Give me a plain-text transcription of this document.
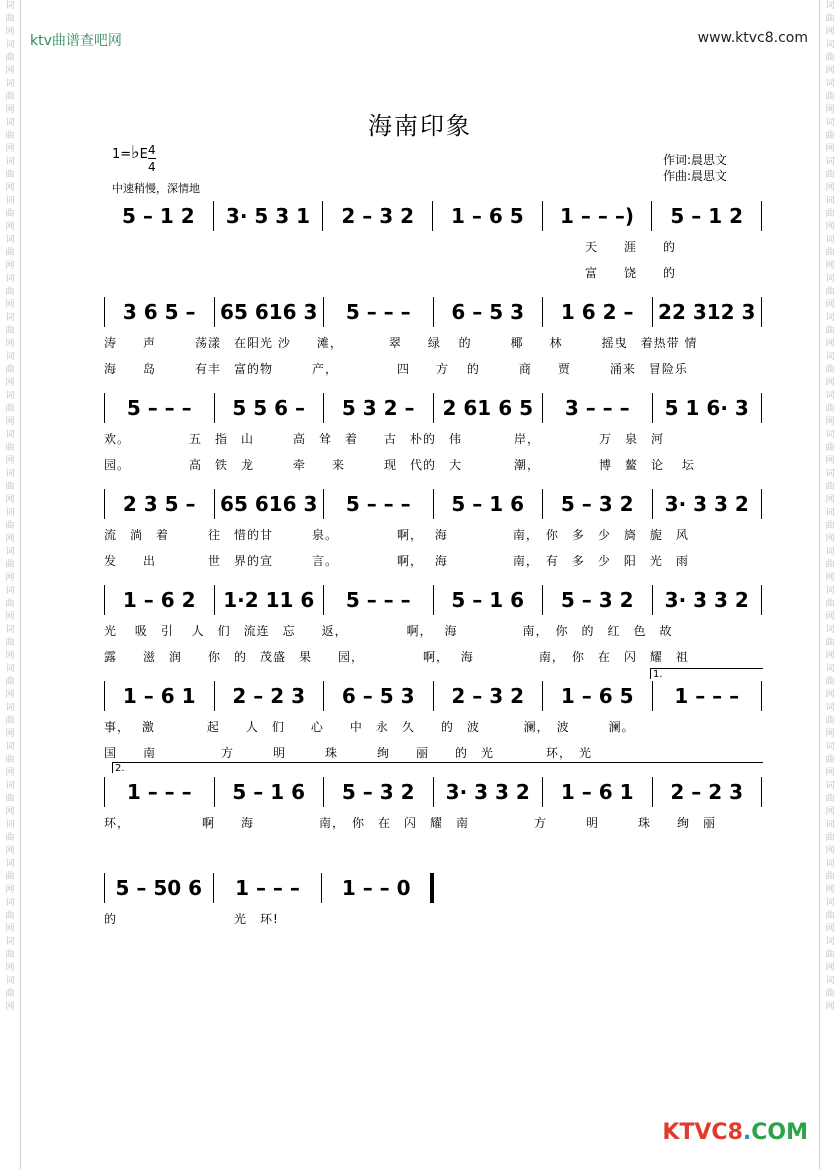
词曲网词曲网词曲网词曲网词曲网词曲网词曲网词曲网词曲网词曲网词曲网词曲网词曲网词曲网词曲网词曲网词曲网词曲网词曲网词曲网词曲网词曲网词曲网词曲网词曲网词曲网
词曲网词曲网词曲网词曲网词曲网词曲网词曲网词曲网词曲网词曲网词曲网词曲网词曲网词曲网词曲网词曲网词曲网词曲网词曲网词曲网词曲网词曲网词曲网词曲网词曲网词曲网
ktv曲谱查吧网	www.ktvc8.com
海南印象
1=♭E 4
4
中速稍慢，深情地
作词:晨思文
作曲:晨思文
5 – 1 2	3· 5 3 1	2 – 3 2	1 – 6 5	1 – – –)	5 – 1 2
　　　　　　　　　　　　　　　　　　　　　　　　　　　　　　　　　　　　　天　　涯　　的
　　　　　　　　　　　　　　　　　　　　　　　　　　　　　　　　　　　　　富　　饶　　的
3 6 5 –	65 616 3	5 – – –	6 – 5 3	1 6 2 –	22 312 3
涛　　声　　　荡漾　在阳光 沙　　滩，　　　　翠　　绿　 的　　　椰　　林　　　摇曳　着热带 情
海　　岛　　　有丰　富的物　　　产，　　　　　四　　方　 的　　　商　　贾　　　涌来　冒险乐
5 – – –	5 5 6 –	5 3 2 –	2 61 6 5	3 – – –	5 1 6· 3
欢。　　　　　五　指　山　　　高　耸　着　　古　朴的　伟　　　　岸，　　　　　万　泉　河
园。　　　　　高　铁　龙　　　牵　　来　　　现　代的　大　　　　潮，　　　　　博　鳌　论　 坛
2 3 5 –	65 616 3	5 – – –	5 – 1 6	5 – 3 2	3· 3 3 2
流　淌　着　　　往　惜的甘　　　泉。　　　　　啊，　 海　　　　　南，　你　多　少　旖　旎　风
发　　出　　　　世　界的宣　　　言。　　　　　啊，　 海　　　　　南，　有　多　少　阳　光　雨
1 – 6 2	1·2 11 6	5 – – –	5 – 1 6	5 – 3 2	3· 3 3 2
光　 吸　引　 人　们　流连　忘　　返，　　　　　啊，　 海　　　　　南，　你　的　红　色　故
露　　滋　润　　你　的　茂盛　果　　园，　　　　　啊，　 海　　　　　南，　你　在　闪　耀　祖
1 – 6 1	2 – 2 3	6 – 5 3	2 – 3 2	1 – 6 5	1 – – –
事，　 激　　　　起　　人　们　　心　　中　永　久　　的　波　　　 澜，　波　　　澜。
国　　南　　　　　方　　　明　　　珠　　　绚　　丽　　的　光　　　　环，　光
1 – – –	5 – 1 6	5 – 3 2	3· 3 3 2	1 – 6 1	2 – 2 3
环，　　　　　　啊　　海　　　　　南，　你　在　闪　耀　南　　　　　方　　　明　　　珠　　绚　丽
5 – 50 6	1 – – –	1 – – 0
的　　　　　　　　　光　环!
1.
2.
KTVC8.COM
